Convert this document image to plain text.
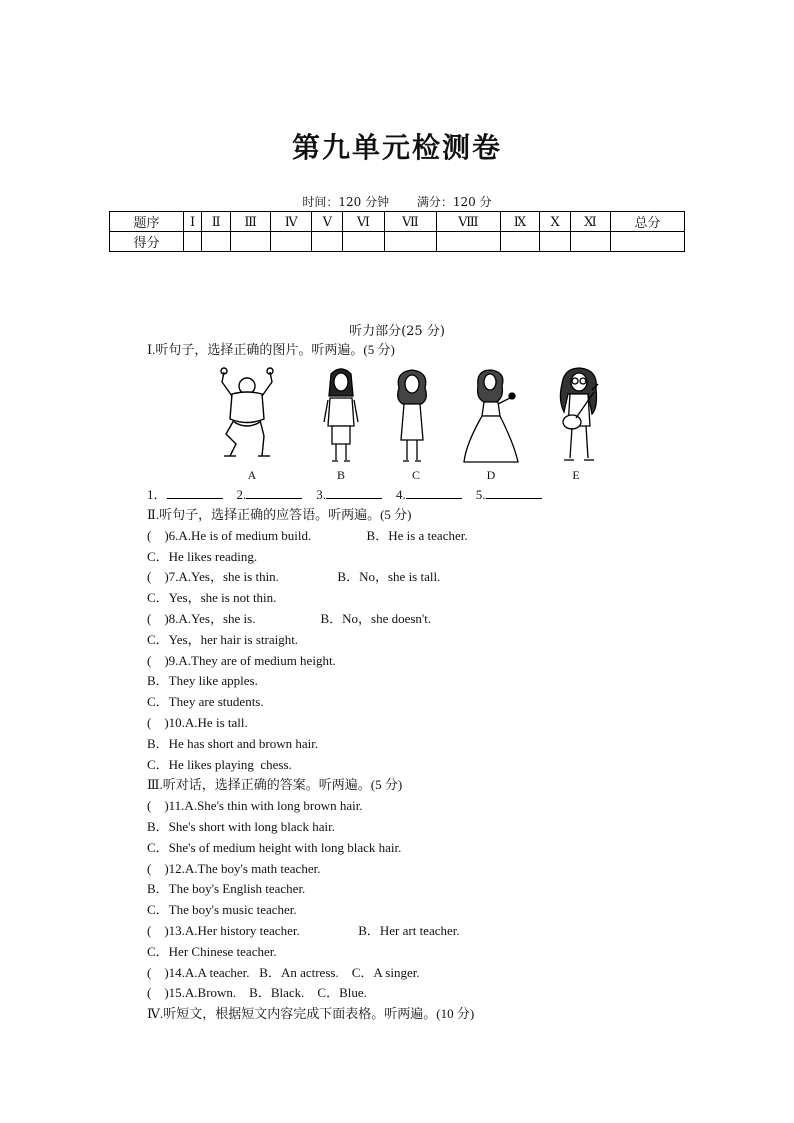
第九单元检测卷
时间：120 分钟 满分：120 分
题序	Ⅰ	Ⅱ	Ⅲ	Ⅳ	Ⅴ	Ⅵ	Ⅶ	Ⅷ	Ⅸ	Ⅹ	Ⅺ	总分
得分												
听力部分(25 分)
Ⅰ.听句子，选择正确的图片。听两遍。(5 分)
A	B	C	D	E
1．	2.	3.	4.	5.
Ⅱ.听句子，选择正确的应答语。听两遍。(5 分)
(    )6.A.He is of medium build.                 B．He is a teacher.
C．He likes reading.
(    )7.A.Yes，she is thin.                  B．No，she is tall.
C．Yes，she is not thin.
(    )8.A.Yes，she is.                    B．No，she doesn't.
C．Yes，her hair is straight.
(    )9.A.They are of medium height.
B．They like apples.
C．They are students.
(    )10.A.He is tall.
B．He has short and brown hair.
C．He likes playing  chess.
Ⅲ.听对话，选择正确的答案。听两遍。(5 分)
(    )11.A.She's thin with long brown hair.
B．She's short with long black hair.
C．She's of medium height with long black hair.
(    )12.A.The boy's math teacher.
B．The boy's English teacher.
C．The boy's music teacher.
(    )13.A.Her history teacher.                  B．Her art teacher.
C．Her Chinese teacher.
(    )14.A.A teacher.   B．An actress.    C．A singer.
(    )15.A.Brown.    B．Black.    C．Blue.
Ⅳ.听短文，根据短文内容完成下面表格。听两遍。(10 分)
